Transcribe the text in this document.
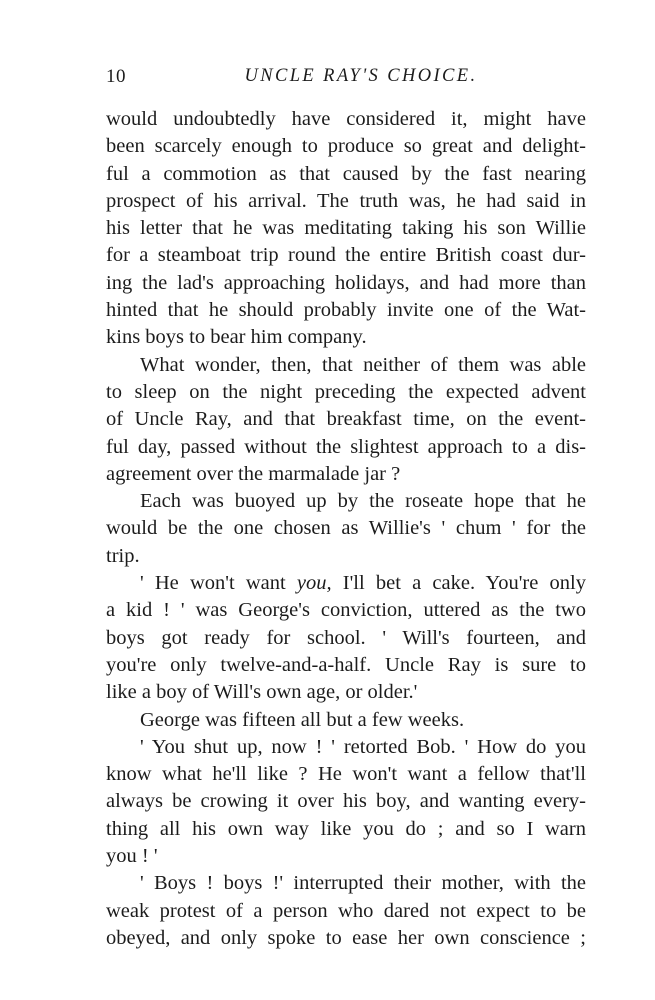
10	UNCLE RAY'S CHOICE.
would undoubtedly have considered it, might have
been scarcely enough to produce so great and delight-
ful a commotion as that caused by the fast nearing
prospect of his arrival. The truth was, he had said in
his letter that he was meditating taking his son Willie
for a steamboat trip round the entire British coast dur-
ing the lad's approaching holidays, and had more than
hinted that he should probably invite one of the Wat-
kins boys to bear him company.
What wonder, then, that neither of them was able
to sleep on the night preceding the expected advent
of Uncle Ray, and that breakfast time, on the event-
ful day, passed without the slightest approach to a dis-
agreement over the marmalade jar ?
Each was buoyed up by the roseate hope that he
would be the one chosen as Willie's ' chum ' for the
trip.
' He won't want you, I'll bet a cake. You're only
a kid ! ' was George's conviction, uttered as the two
boys got ready for school. ' Will's fourteen, and
you're only twelve-and-a-half. Uncle Ray is sure to
like a boy of Will's own age, or older.'
George was fifteen all but a few weeks.
' You shut up, now ! ' retorted Bob. ' How do you
know what he'll like ? He won't want a fellow that'll
always be crowing it over his boy, and wanting every-
thing all his own way like you do ; and so I warn
you ! '
' Boys ! boys !' interrupted their mother, with the
weak protest of a person who dared not expect to be
obeyed, and only spoke to ease her own conscience ;
